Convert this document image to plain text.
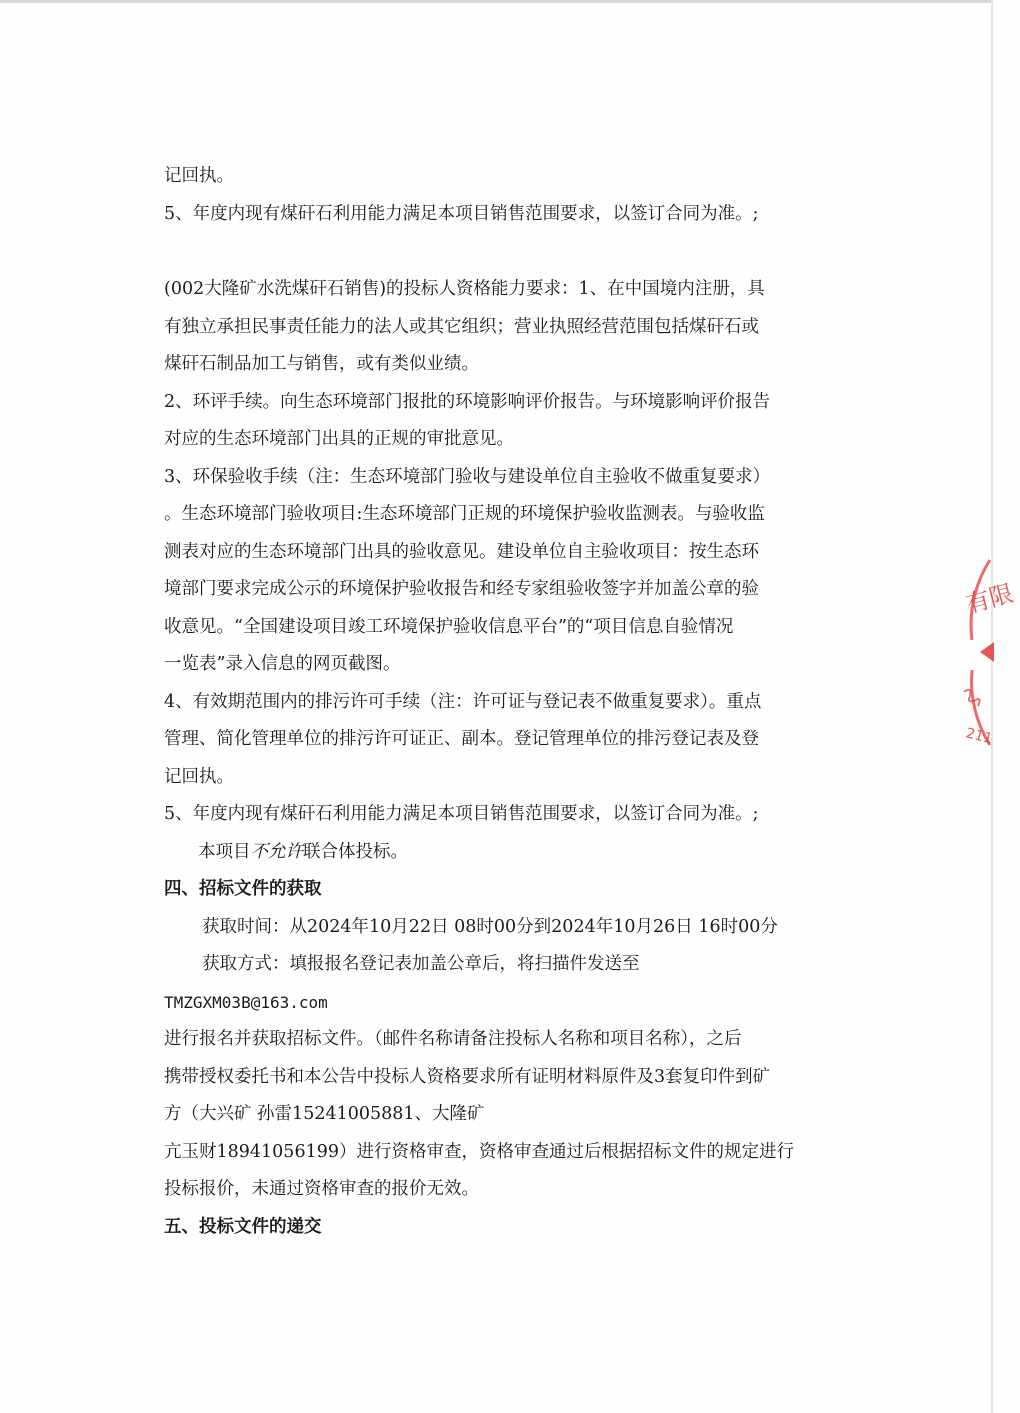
记回执。
5、年度内现有煤矸石利用能力满足本项目销售范围要求，以签订合同为准。;
(002大隆矿水洗煤矸石销售)的投标人资格能力要求：1、在中国境内注册，具
有独立承担民事责任能力的法人或其它组织；营业执照经营范围包括煤矸石或
煤矸石制品加工与销售，或有类似业绩。
2、环评手续。向生态环境部门报批的环境影响评价报告。与环境影响评价报告
对应的生态环境部门出具的正规的审批意见。
3、环保验收手续（注：生态环境部门验收与建设单位自主验收不做重复要求）
。生态环境部门验收项目:生态环境部门正规的环境保护验收监测表。与验收监
测表对应的生态环境部门出具的验收意见。建设单位自主验收项目：按生态环
境部门要求完成公示的环境保护验收报告和经专家组验收签字并加盖公章的验
收意见。“全国建设项目竣工环境保护验收信息平台”的“项目信息自验情况
一览表”录入信息的网页截图。
4、有效期范围内的排污许可手续（注：许可证与登记表不做重复要求）。重点
管理、简化管理单位的排污许可证正、副本。登记管理单位的排污登记表及登
记回执。
5、年度内现有煤矸石利用能力满足本项目销售范围要求，以签订合同为准。;
本项目不允许联合体投标。
四、招标文件的获取
获取时间：从2024年10月22日 08时00分到2024年10月26日 16时00分
获取方式：填报报名登记表加盖公章后，将扫描件发送至
TMZGXM03B@163.com
进行报名并获取招标文件。（邮件名称请备注投标人名称和项目名称），之后
携带授权委托书和本公告中投标人资格要求所有证明材料原件及3套复印件到矿
方（大兴矿 孙雷15241005881、大隆矿
亢玉财18941056199）进行资格审查，资格审查通过后根据招标文件的规定进行
投标报价，未通过资格审查的报价无效。
五、投标文件的递交
有限
211
